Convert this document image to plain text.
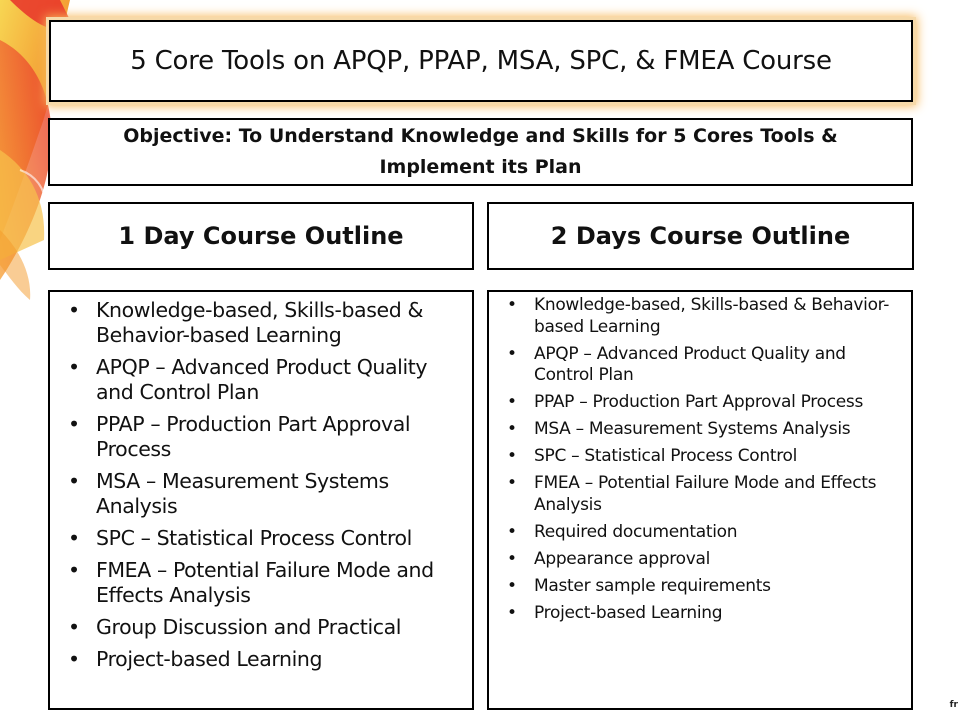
5 Core Tools on APQP, PPAP, MSA, SPC, & FMEA Course
Objective: To Understand Knowledge and Skills for 5 Cores Tools &
Implement its Plan
1 Day Course Outline	2 Days Course Outline
• Knowledge-based, Skills-based & Behavior-based Learning
• APQP – Advanced Product Quality and Control Plan
• PPAP – Production Part Approval Process
• MSA – Measurement Systems Analysis
• SPC – Statistical Process Control
• FMEA – Potential Failure Mode and Effects Analysis
• Group Discussion and Practical
• Project-based Learning
• Knowledge-based, Skills-based & Behavior-based Learning
• APQP – Advanced Product Quality and Control Plan
• PPAP – Production Part Approval Process
• MSA – Measurement Systems Analysis
• SPC – Statistical Process Control
• FMEA – Potential Failure Mode and Effects Analysis
• Required documentation
• Appearance approval
• Master sample requirements
• Project-based Learning
fr
